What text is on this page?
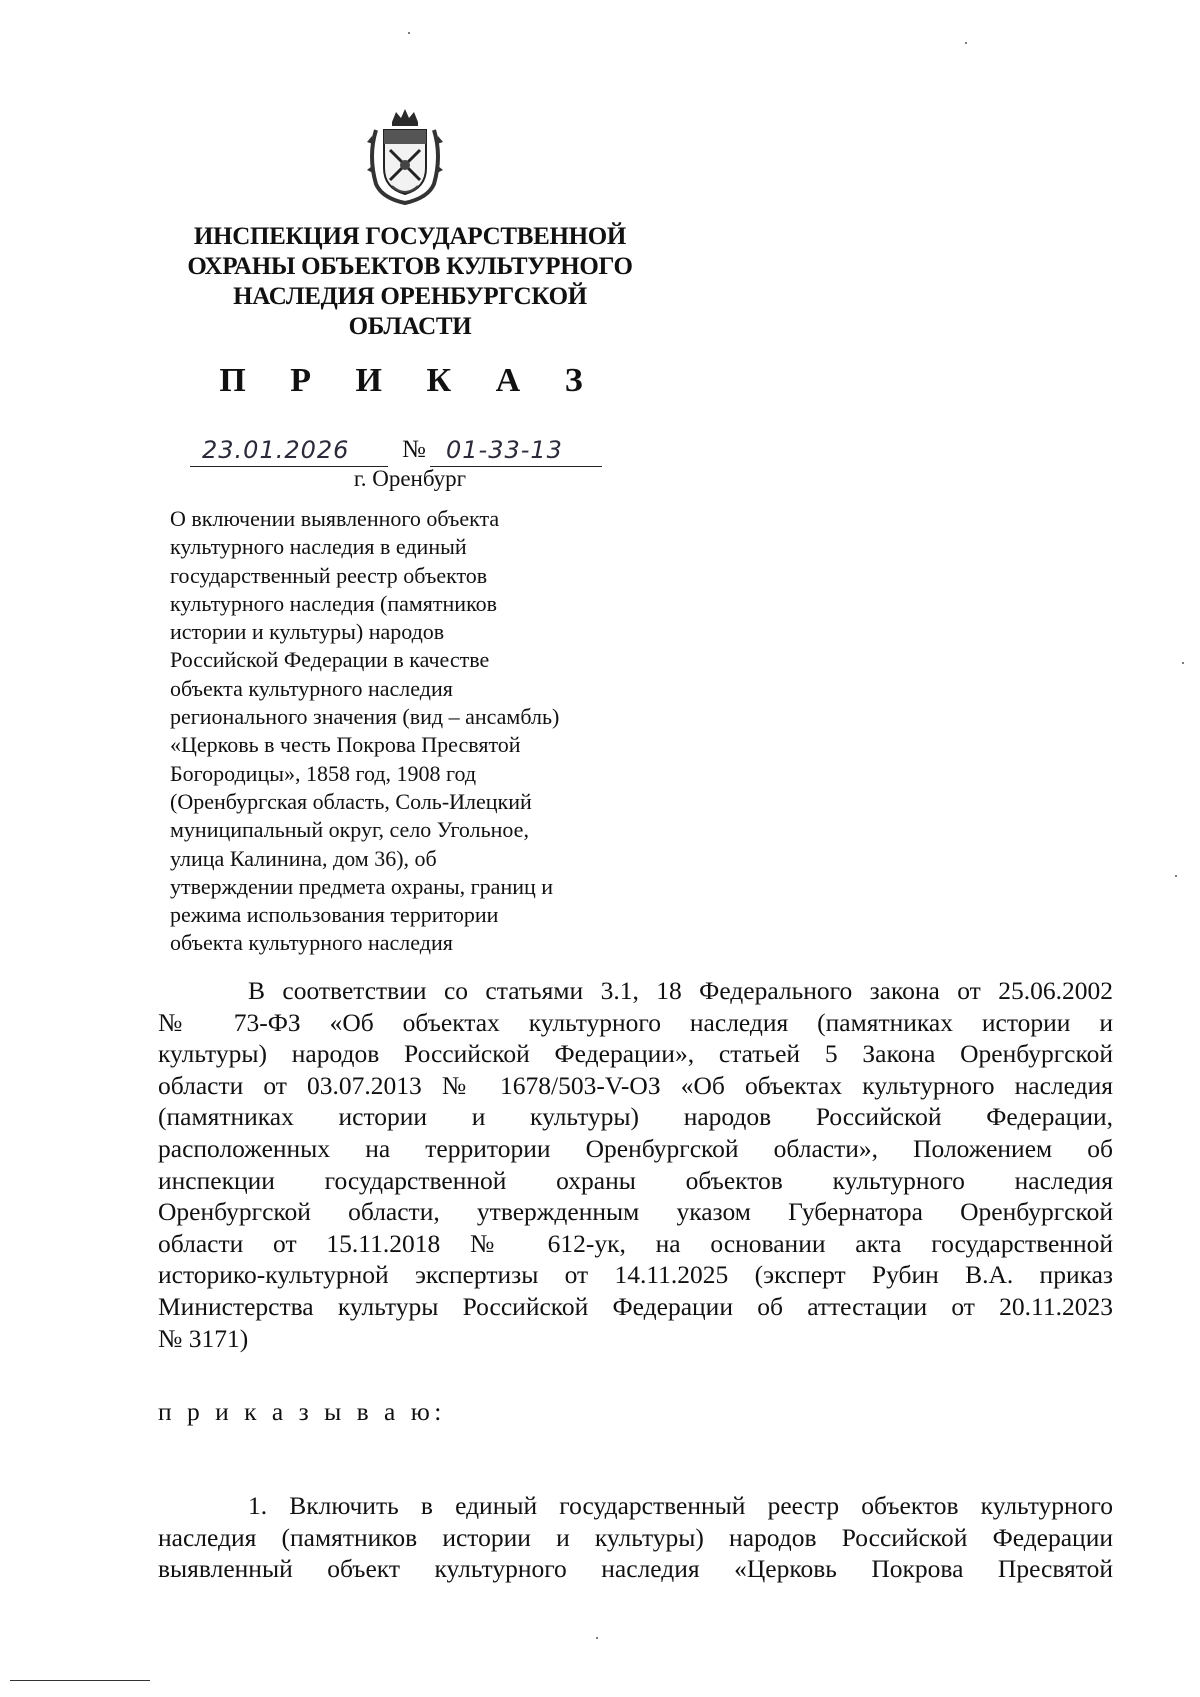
ИНСПЕКЦИЯ ГОСУДАРСТВЕННОЙ
ОХРАНЫ ОБЪЕКТОВ КУЛЬТУРНОГО
НАСЛЕДИЯ ОРЕНБУРГСКОЙ
ОБЛАСТИ
П Р И К А З
23.01.2026 № 01-33-13
г. Оренбург
О включении выявленного объекта
культурного наследия в единый
государственный реестр объектов
культурного наследия (памятников
истории и культуры) народов
Российской Федерации в качестве
объекта культурного наследия
регионального значения (вид – ансамбль)
«Церковь в честь Покрова Пресвятой
Богородицы», 1858 год, 1908 год
(Оренбургская область, Соль-Илецкий
муниципальный округ, село Угольное,
улица Калинина, дом 36), об
утверждении предмета охраны, границ и
режима использования территории
объекта культурного наследия
В соответствии со статьями 3.1, 18 Федерального закона от 25.06.2002
№ 73-ФЗ «Об объектах культурного наследия (памятниках истории и
культуры) народов Российской Федерации», статьей 5 Закона Оренбургской
области от 03.07.2013 № 1678/503-V-ОЗ «Об объектах культурного наследия
(памятниках истории и культуры) народов Российской Федерации,
расположенных на территории Оренбургской области», Положением об
инспекции государственной охраны объектов культурного наследия
Оренбургской области, утвержденным указом Губернатора Оренбургской
области от 15.11.2018 № 612-ук, на основании акта государственной
историко-культурной экспертизы от 14.11.2025 (эксперт Рубин В.А. приказ
Министерства культуры Российской Федерации об аттестации от 20.11.2023
№ 3171)
п р и к а з ы в а ю:
1. Включить в единый государственный реестр объектов культурного
наследия (памятников истории и культуры) народов Российской Федерации
выявленный объект культурного наследия «Церковь Покрова Пресвятой
